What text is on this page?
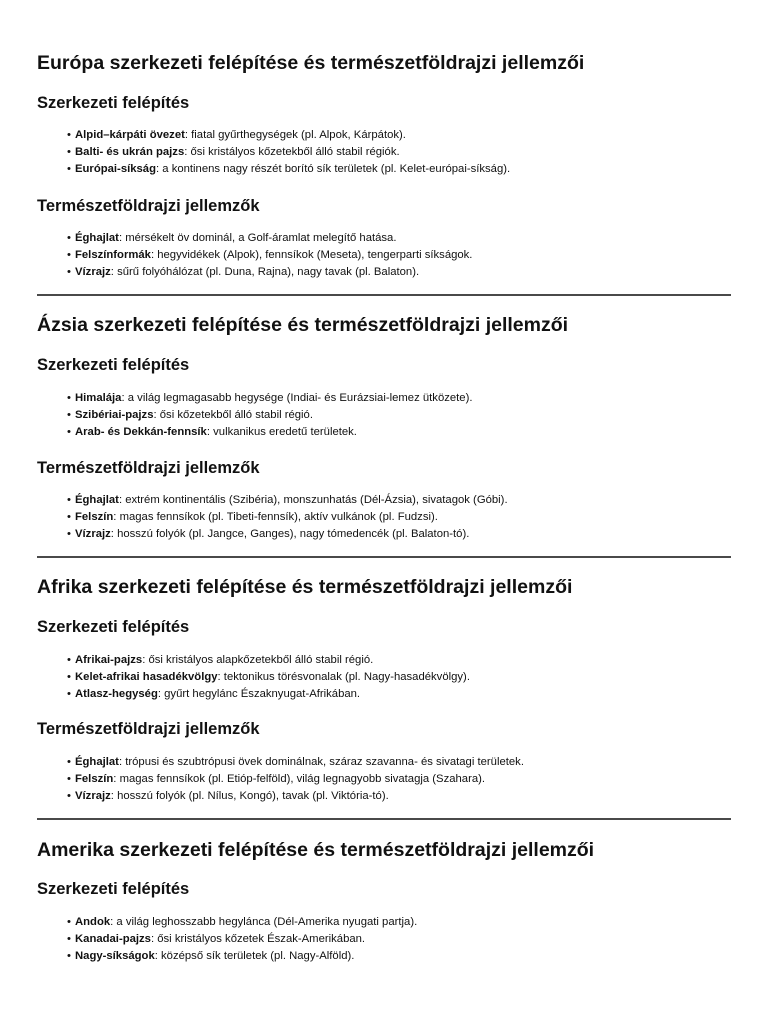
Európa szerkezeti felépítése és természetföldrajzi jellemzői
Szerkezeti felépítés
• Alpid–kárpáti övezet: fiatal gyűrthegységek (pl. Alpok, Kárpátok).
• Balti- és ukrán pajzs: ősi kristályos kőzetekből álló stabil régiók.
• Európai-síkság: a kontinens nagy részét borító sík területek (pl. Kelet-európai-síkság).
Természetföldrajzi jellemzők
• Éghajlat: mérsékelt öv dominál, a Golf-áramlat melegítő hatása.
• Felszínformák: hegyvidékek (Alpok), fennsíkok (Meseta), tengerparti síkságok.
• Vízrajz: sűrű folyóhálózat (pl. Duna, Rajna), nagy tavak (pl. Balaton).
Ázsia szerkezeti felépítése és természetföldrajzi jellemzői
Szerkezeti felépítés
• Himalája: a világ legmagasabb hegysége (Indiai- és Eurázsiai-lemez ütközete).
• Szibériai-pajzs: ősi kőzetekből álló stabil régió.
• Arab- és Dekkán-fennsík: vulkanikus eredetű területek.
Természetföldrajzi jellemzők
• Éghajlat: extrém kontinentális (Szibéria), monszunhatás (Dél-Ázsia), sivatagok (Góbi).
• Felszín: magas fennsíkok (pl. Tibeti-fennsík), aktív vulkánok (pl. Fudzsi).
• Vízrajz: hosszú folyók (pl. Jangce, Ganges), nagy tómedencék (pl. Balaton-tó).
Afrika szerkezeti felépítése és természetföldrajzi jellemzői
Szerkezeti felépítés
• Afrikai-pajzs: ősi kristályos alapkőzetekből álló stabil régió.
• Kelet-afrikai hasadékvölgy: tektonikus törésvonalak (pl. Nagy-hasadékvölgy).
• Atlasz-hegység: gyűrt hegylánc Északnyugat-Afrikában.
Természetföldrajzi jellemzők
• Éghajlat: trópusi és szubtrópusi övek dominálnak, száraz szavanna- és sivatagi területek.
• Felszín: magas fennsíkok (pl. Etióp-felföld), világ legnagyobb sivatagja (Szahara).
• Vízrajz: hosszú folyók (pl. Nílus, Kongó), tavak (pl. Viktória-tó).
Amerika szerkezeti felépítése és természetföldrajzi jellemzői
Szerkezeti felépítés
• Andok: a világ leghosszabb hegylánca (Dél-Amerika nyugati partja).
• Kanadai-pajzs: ősi kristályos kőzetek Észak-Amerikában.
• Nagy-síkságok: középső sík területek (pl. Nagy-Alföld).
